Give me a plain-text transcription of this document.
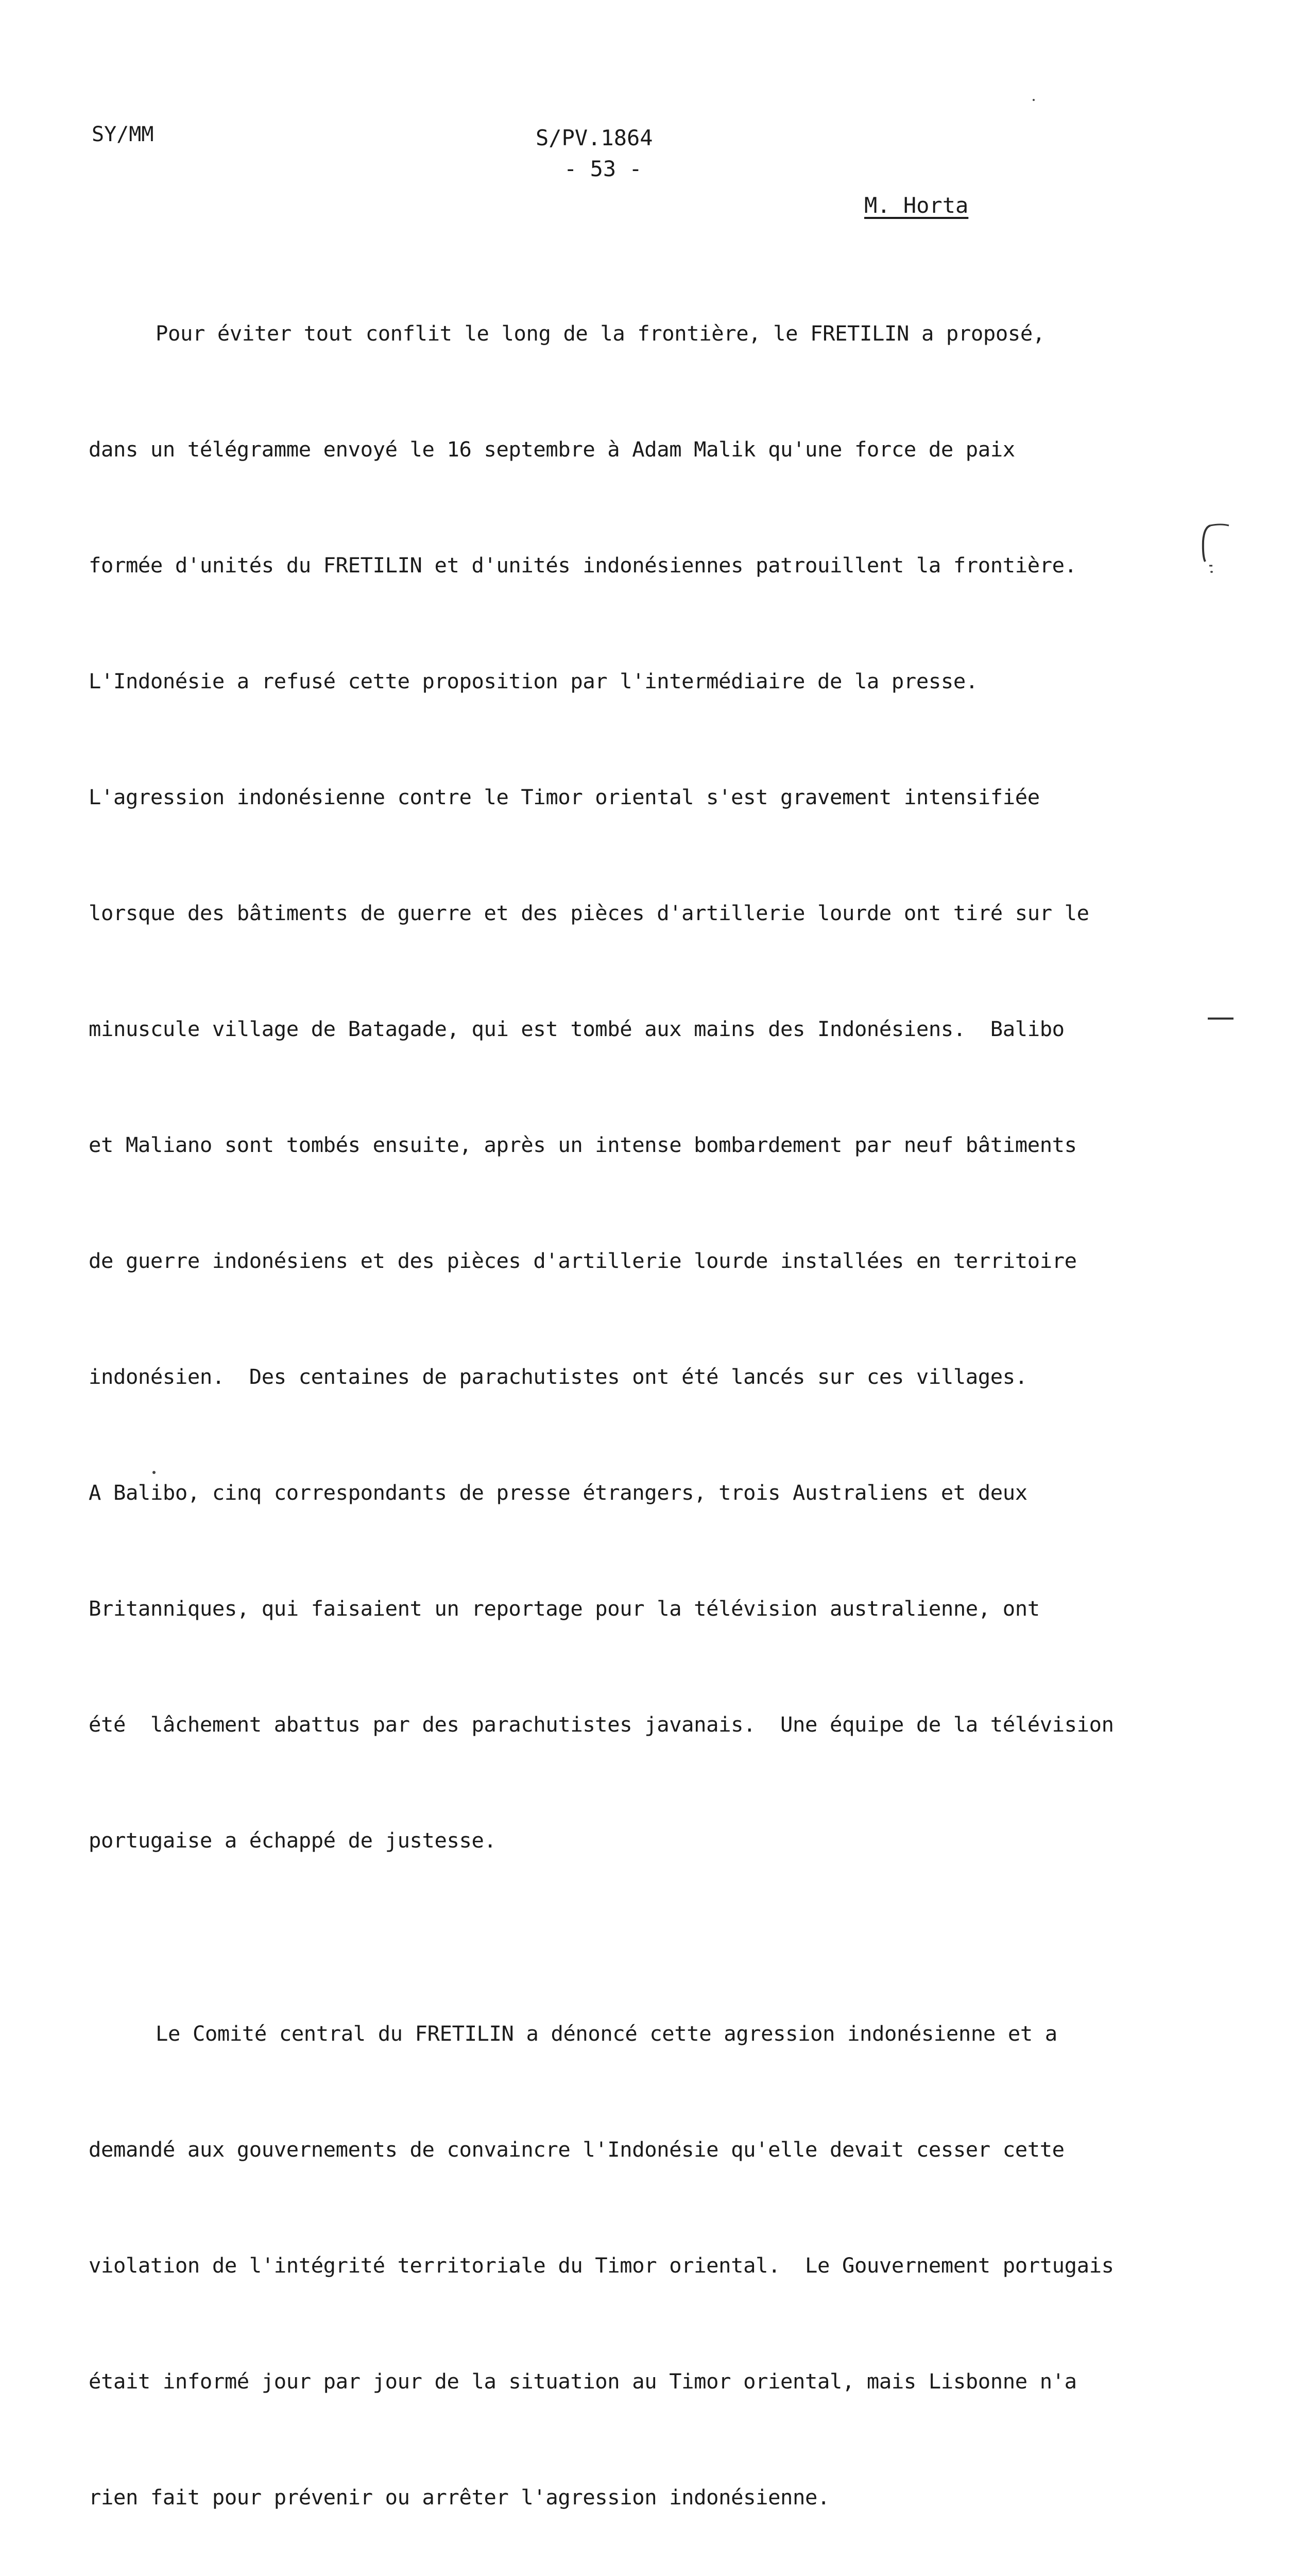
SY/MM	S/PV.1864
- 53 -
M. Horta

Pour éviter tout conflit le long de la frontière, le FRETILIN a proposé,

dans un télégramme envoyé le 16 septembre à Adam Malik qu'une force de paix

formée d'unités du FRETILIN et d'unités indonésiennes patrouillent la frontière.

L'Indonésie a refusé cette proposition par l'intermédiaire de la presse.

L'agression indonésienne contre le Timor oriental s'est gravement intensifiée

lorsque des bâtiments de guerre et des pièces d'artillerie lourde ont tiré sur le

minuscule village de Batagade, qui est tombé aux mains des Indonésiens.  Balibo

et Maliano sont tombés ensuite, après un intense bombardement par neuf bâtiments

de guerre indonésiens et des pièces d'artillerie lourde installées en territoire

indonésien.  Des centaines de parachutistes ont été lancés sur ces villages.

A Balibo, cinq correspondants de presse étrangers, trois Australiens et deux

Britanniques, qui faisaient un reportage pour la télévision australienne, ont

été  lâchement abattus par des parachutistes javanais.  Une équipe de la télévision

portugaise a échappé de justesse.

Le Comité central du FRETILIN a dénoncé cette agression indonésienne et a

demandé aux gouvernements de convaincre l'Indonésie qu'elle devait cesser cette

violation de l'intégrité territoriale du Timor oriental.  Le Gouvernement portugais

était informé jour par jour de la situation au Timor oriental, mais Lisbonne n'a

rien fait pour prévenir ou arrêter l'agression indonésienne.
